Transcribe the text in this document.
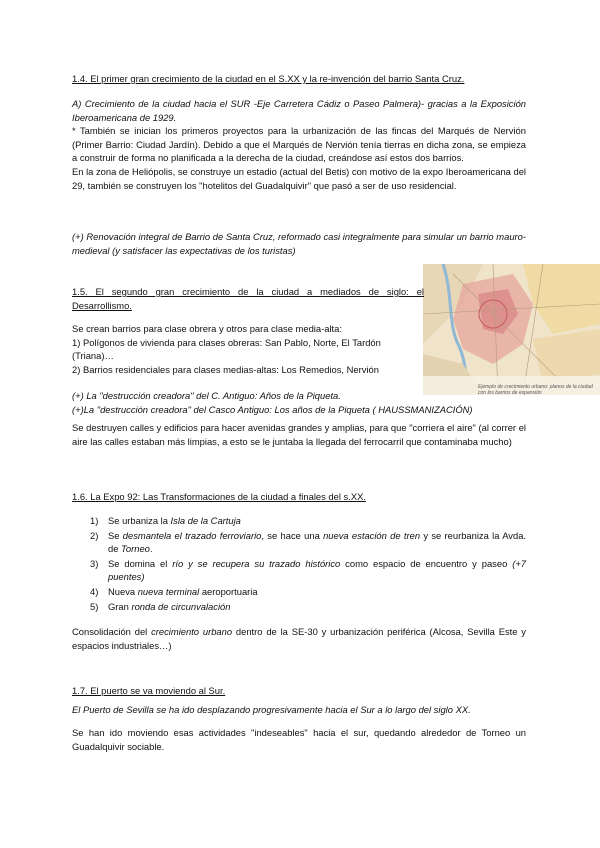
1.4. El primer gran crecimiento de la ciudad en el S.XX y la re-invención del barrio Santa Cruz.

A) Crecimiento de la ciudad hacia el SUR -Eje Carretera Cádiz o Paseo Palmera)- gracias a la Exposición Iberoamericana de 1929.

* También se inician los primeros proyectos para la urbanización de las fincas del Marqués de Nervión (Primer Barrio: Ciudad Jardín). Debido a que el Marqués de Nervión tenía tierras en dicha zona, se empieza a construir de forma no planificada a la derecha de la ciudad, creándose así estos dos barrios.

En la zona de Heliópolis, se construye un estadio (actual del Betis) con motivo de la expo Iberoamericana del 29, también se construyen los "hotelitos del Guadalquivir" que pasó a ser de uso residencial.

(+) Renovación integral de Barrio de Santa Cruz, reformado casi integralmente para simular un barrio mauro-medieval (y satisfacer las expectativas de los turistas)

Ejemplo de crecimiento urbano: planos de la ciudad con los barrios de expansión
1.5. El segundo gran crecimiento de la ciudad a mediados de siglo: el
Desarrollismo.

Se crean barrios para clase obrera y otros para clase media-alta:

1) Polígonos de vivienda para clases obreras: San Pablo, Norte, El Tardón

(Triana)…

2) Barrios residenciales para clases medias-altas: Los Remedios, Nervión

(+) La "destrucción creadora" del C. Antiguo: Años de la Piqueta.

(+)La "destrucción creadora" del Casco Antiguo: Los años de la Piqueta ( HAUSSMANIZACIÓN)

Se destruyen calles y edificios para hacer avenidas grandes y amplias, para que "corriera el aire" (al correr el aire las calles estaban más limpias, a esto se le juntaba la llegada del ferrocarril que contaminaba mucho)

1.6. La Expo 92: Las Transformaciones de la ciudad a finales del s.XX.
1) Se urbaniza la Isla de la Cartuja
2) Se desmantela el trazado ferroviario, se hace una nueva estación de tren y se reurbaniza la Avda. de Torneo.
3) Se domina el río y se recupera su trazado histórico como espacio de encuentro y paseo (+7 puentes)
4) Nueva nueva terminal aeroportuaria
5) Gran ronda de circunvalación

Consolidación del crecimiento urbano dentro de la SE-30 y urbanización periférica (Alcosa, Sevilla Este y espacios industriales…)

1.7. El puerto se va moviendo al Sur.

El Puerto de Sevilla se ha ido desplazando progresivamente hacia el Sur a lo largo del siglo XX.

Se han ido moviendo esas actividades "indeseables" hacia el sur, quedando alrededor de Torneo un Guadalquivir sociable.
